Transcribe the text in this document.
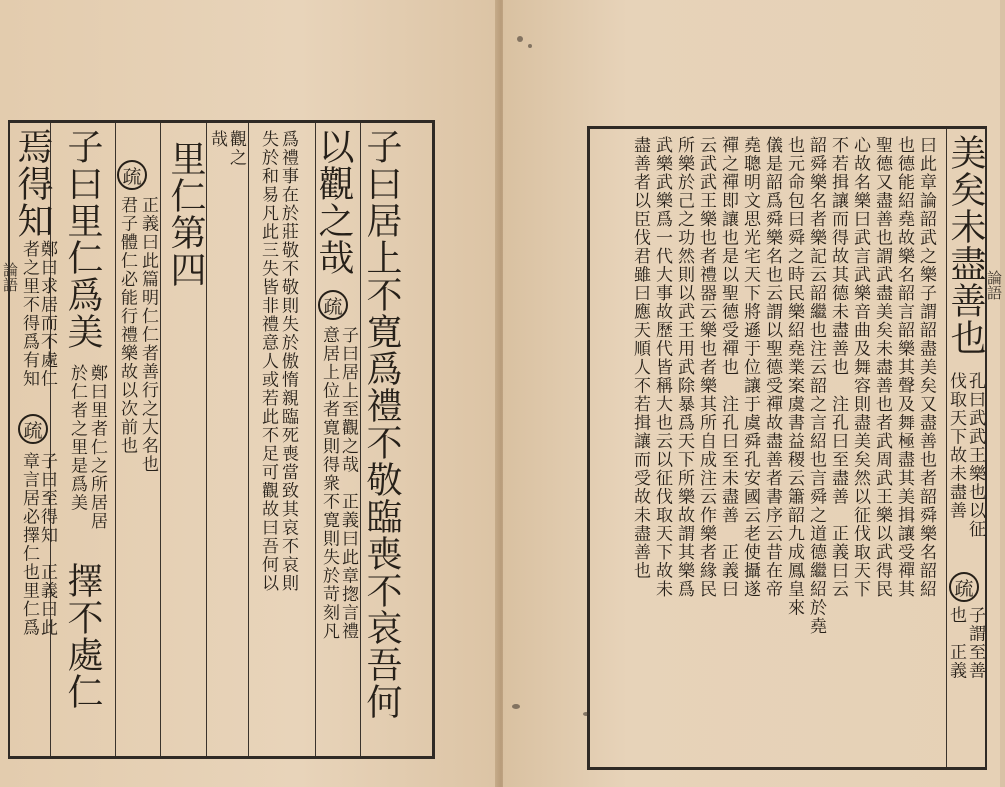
子曰居上不寛爲禮不敬臨喪不哀吾何
以觀之哉
疏
子曰居上至觀之哉　正義曰此章揔言禮
意居上位者寛則得衆不寛則失於苛刻凡
爲禮事在於莊敬不敬則失於傲惰親臨死喪當致其哀不哀則
失於和易凡此三失皆非禮意人或若此不足可觀故曰吾何以
觀之
哉
里仁第四
疏
正義曰此篇明仁仁者善行之大名也
君子體仁必能行禮樂故以次前也
子曰里仁爲美
鄭曰里者仁之所居居
於仁者之里是爲美
擇不處仁
焉得知
鄭曰求居而不處仁
者之里不得爲有知
疏
子曰至得知　正義曰此
章言居必擇仁也里仁爲
美矣未盡善也
孔曰武武王樂也以征
伐取天下故未盡善
疏
子謂至善
也　正義
曰此章論韶武之樂子謂韶盡美矣又盡善也者韶舜樂名韶紹
也德能紹堯故樂名韶言韶樂其聲及舞極盡其美揖讓受禪其
聖德又盡善也謂武盡美矣未盡善也者武周武王樂以武得民
心故名樂曰武言武樂音曲及舞容則盡美矣然以征伐取天下
不若揖讓而得故其德未盡善也　注孔曰至盡善　正義曰云
韶舜樂名者樂記云韶繼也注云韶之言紹也言舜之道德繼紹於堯
也元命包曰舜之時民樂紹堯業案虞書益稷云簫韶九成鳳皇來
儀是韶爲舜樂名也云謂以聖德受禪故盡善者書序云昔在帝
堯聰明文思光宅天下將遜于位讓于虞舜孔安國云老使攝遂
禪之禪即讓也是以聖德受禪也　注孔曰至未盡善　正義曰
云武武王樂也者禮器云樂也者樂其所自成注云作樂者緣民
所樂於己之功然則以武王用武除暴爲天下所樂故謂其樂爲
武樂武樂爲一代大事故歷代皆稱大也云以征伐取天下故未
盡善者以臣伐君雖曰應天順人不若揖讓而受故未盡善也
論語	論語
